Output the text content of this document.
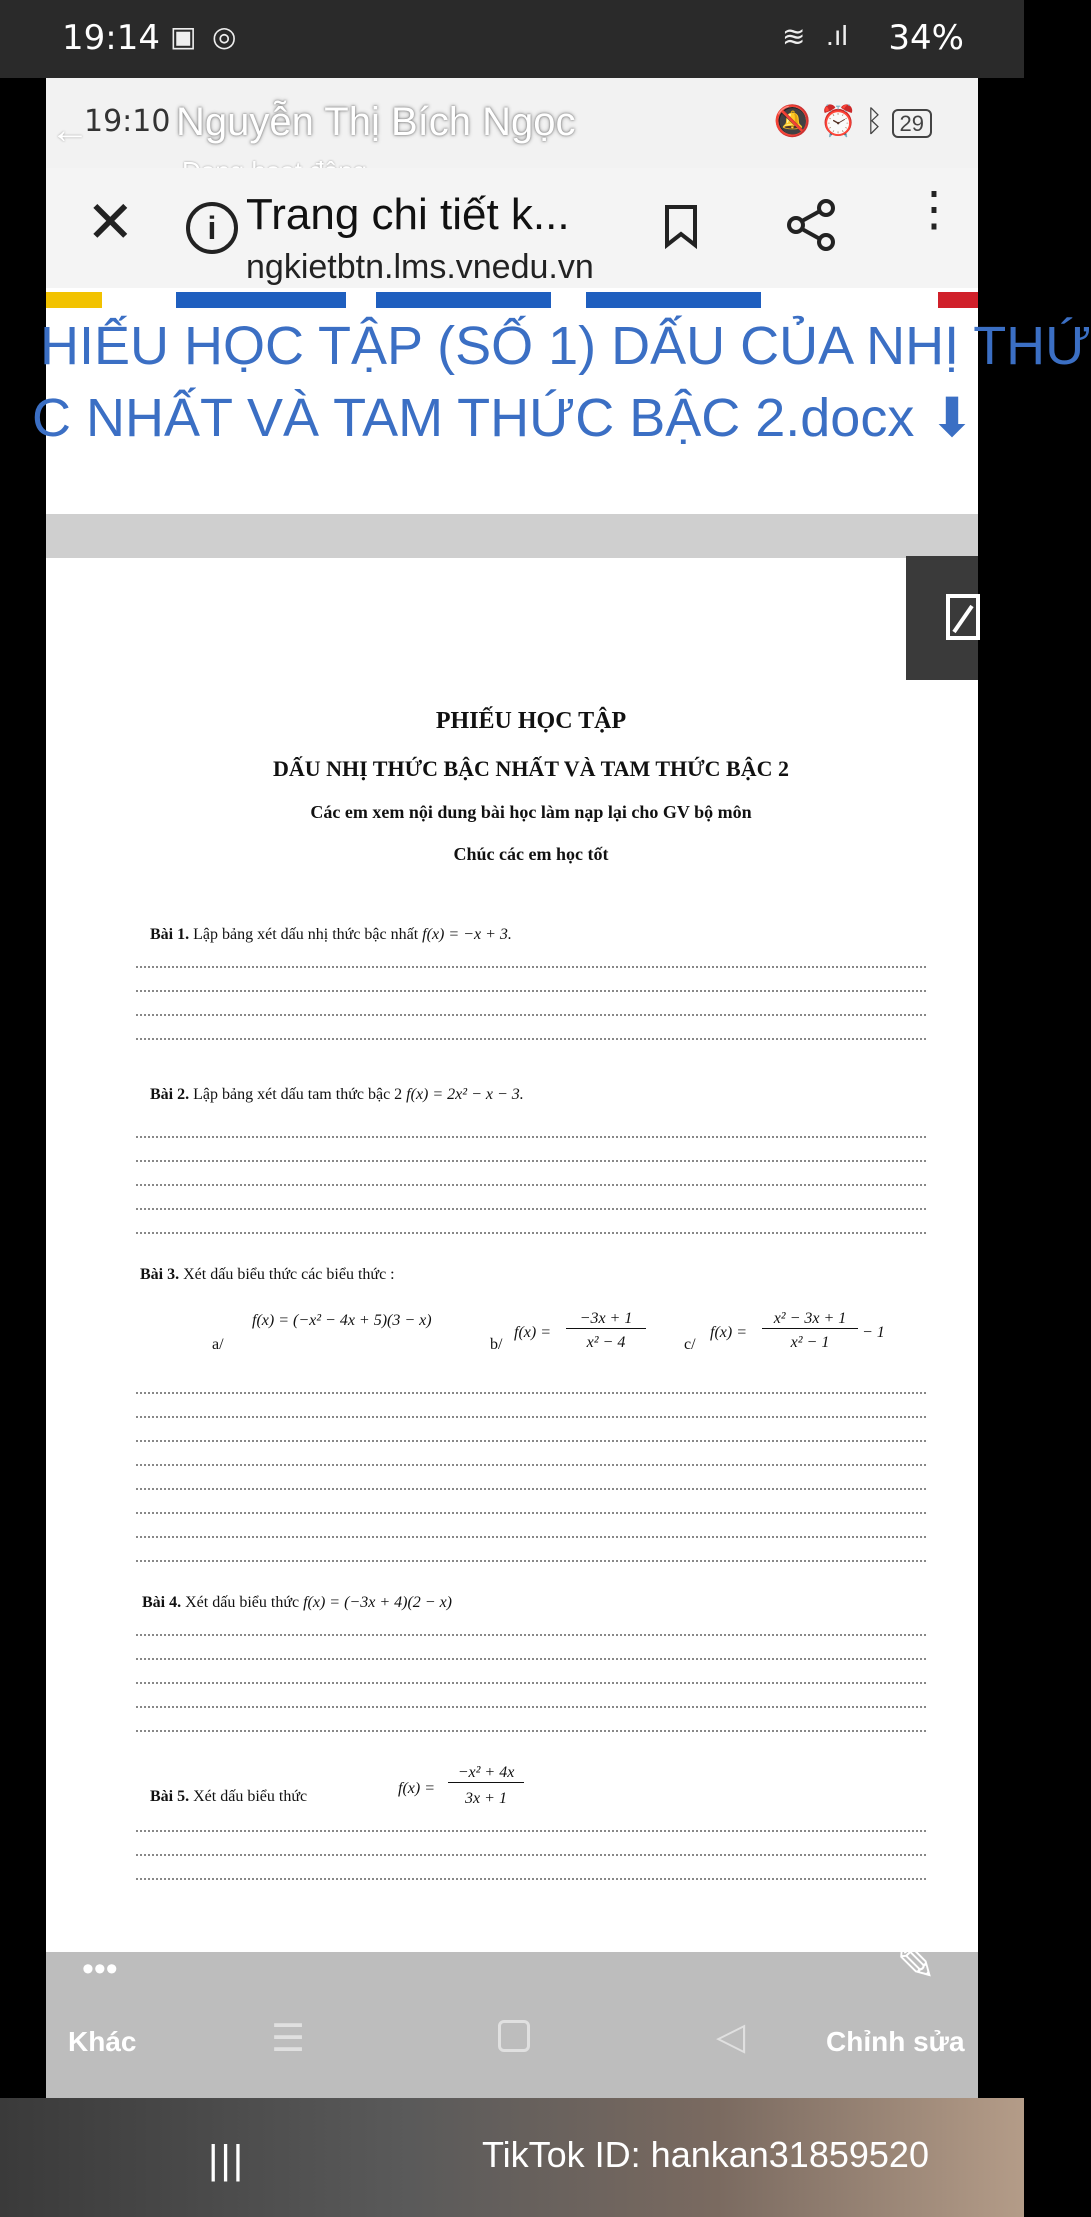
19:14 ▣ ◎	≋ .ıl 34%
←
19:10 Nguyễn Thị Bích Ngọc	🔕 ⏰ ᛒ 29
✕	i Trang chi tiết k...
ngkietbtn.lms.vnedu.vn
⋮
HIẾU HỌC TẬP (SỐ 1) DẤU CỦA NHỊ THỨ
C NHẤT VÀ TAM THỨC BẬC 2.docx ⬇
PHIẾU HỌC TẬP
DẤU NHỊ THỨC BẬC NHẤT VÀ TAM THỨC BẬC 2
Các em xem nội dung bài học làm nạp lại cho GV bộ môn
Chúc các em học tốt
Bài 1. Lập bảng xét dấu nhị thức bậc nhất f(x) = −x + 3.
Bài 2. Lập bảng xét dấu tam thức bậc 2 f(x) = 2x² − x − 3.
Bài 3. Xét dấu biểu thức các biểu thức :
f(x) = (−x² − 4x + 5)(3 − x)
a/	b/
f(x) =
−3x + 1
x² − 4	c/
f(x) =
x² − 3x + 1
x² − 1
− 1
Bài 4. Xét dấu biểu thức f(x) = (−3x + 4)(2 − x)
Bài 5. Xét dấu biểu thức	f(x) =
−x² + 4x
3x + 1
•••	✎
Khác	☰	◁	Chỉnh sửa
|||	TikTok ID: hankan31859520
